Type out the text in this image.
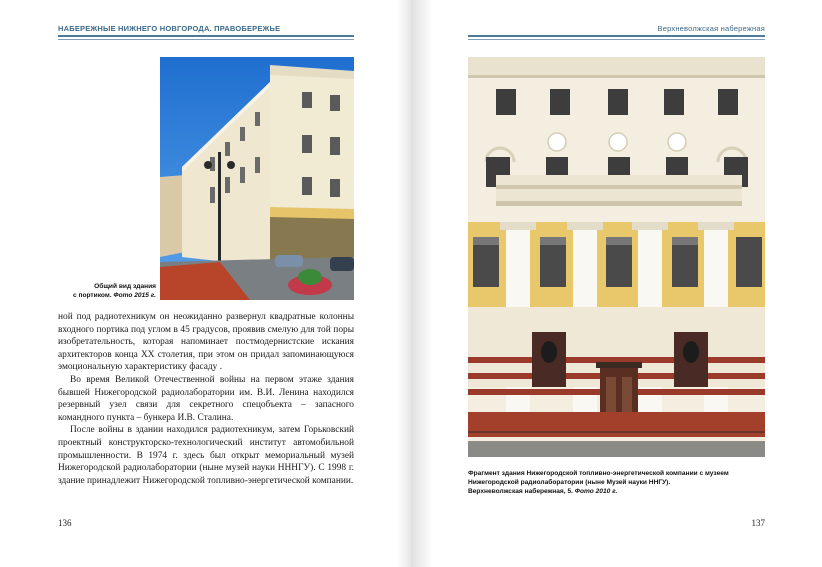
НАБЕРЕЖНЫЕ НИЖНЕГО НОВГОРОДА. ПРАВОБЕРЕЖЬЕ
Общий вид здания
с портиком. Фото 2015 г.

ной под радиотехникум он неожиданно развернул квадратные колонны входного портика под углом в 45 градусов, проявив смелую для той поры изобретательность, которая напоминает постмодернистские искания архитекторов конца XX столетия, при этом он придал запоминающуюся эмоциональную характеристику фасаду .

Во время Великой Отечественной войны на первом этаже здания бывшей Нижегородской радиолаборатории им. В.И. Ленина находился резервный узел связи для секретного спецобъекта – запасного командного пункта – бункера И.В. Сталина.

После войны в здании находился радиотехникум, затем Горьковский проектный конструкторско-технологический институт автомобильной промышленности. В 1974 г. здесь был открыт мемориальный музей Нижегородской радиолаборатории (ныне музей науки НННГУ). С 1998 г. здание принадлежит Нижегородской топливно-энергетической компании.

136
Верхневолжская набережная
Фрагмент здания Нижегородской топливно-энергетической компании с музеем
Нижегородской радиолаборатории (ныне Музей науки ННГУ).
Верхневолжская набережная, 5. Фото 2010 г.
137
